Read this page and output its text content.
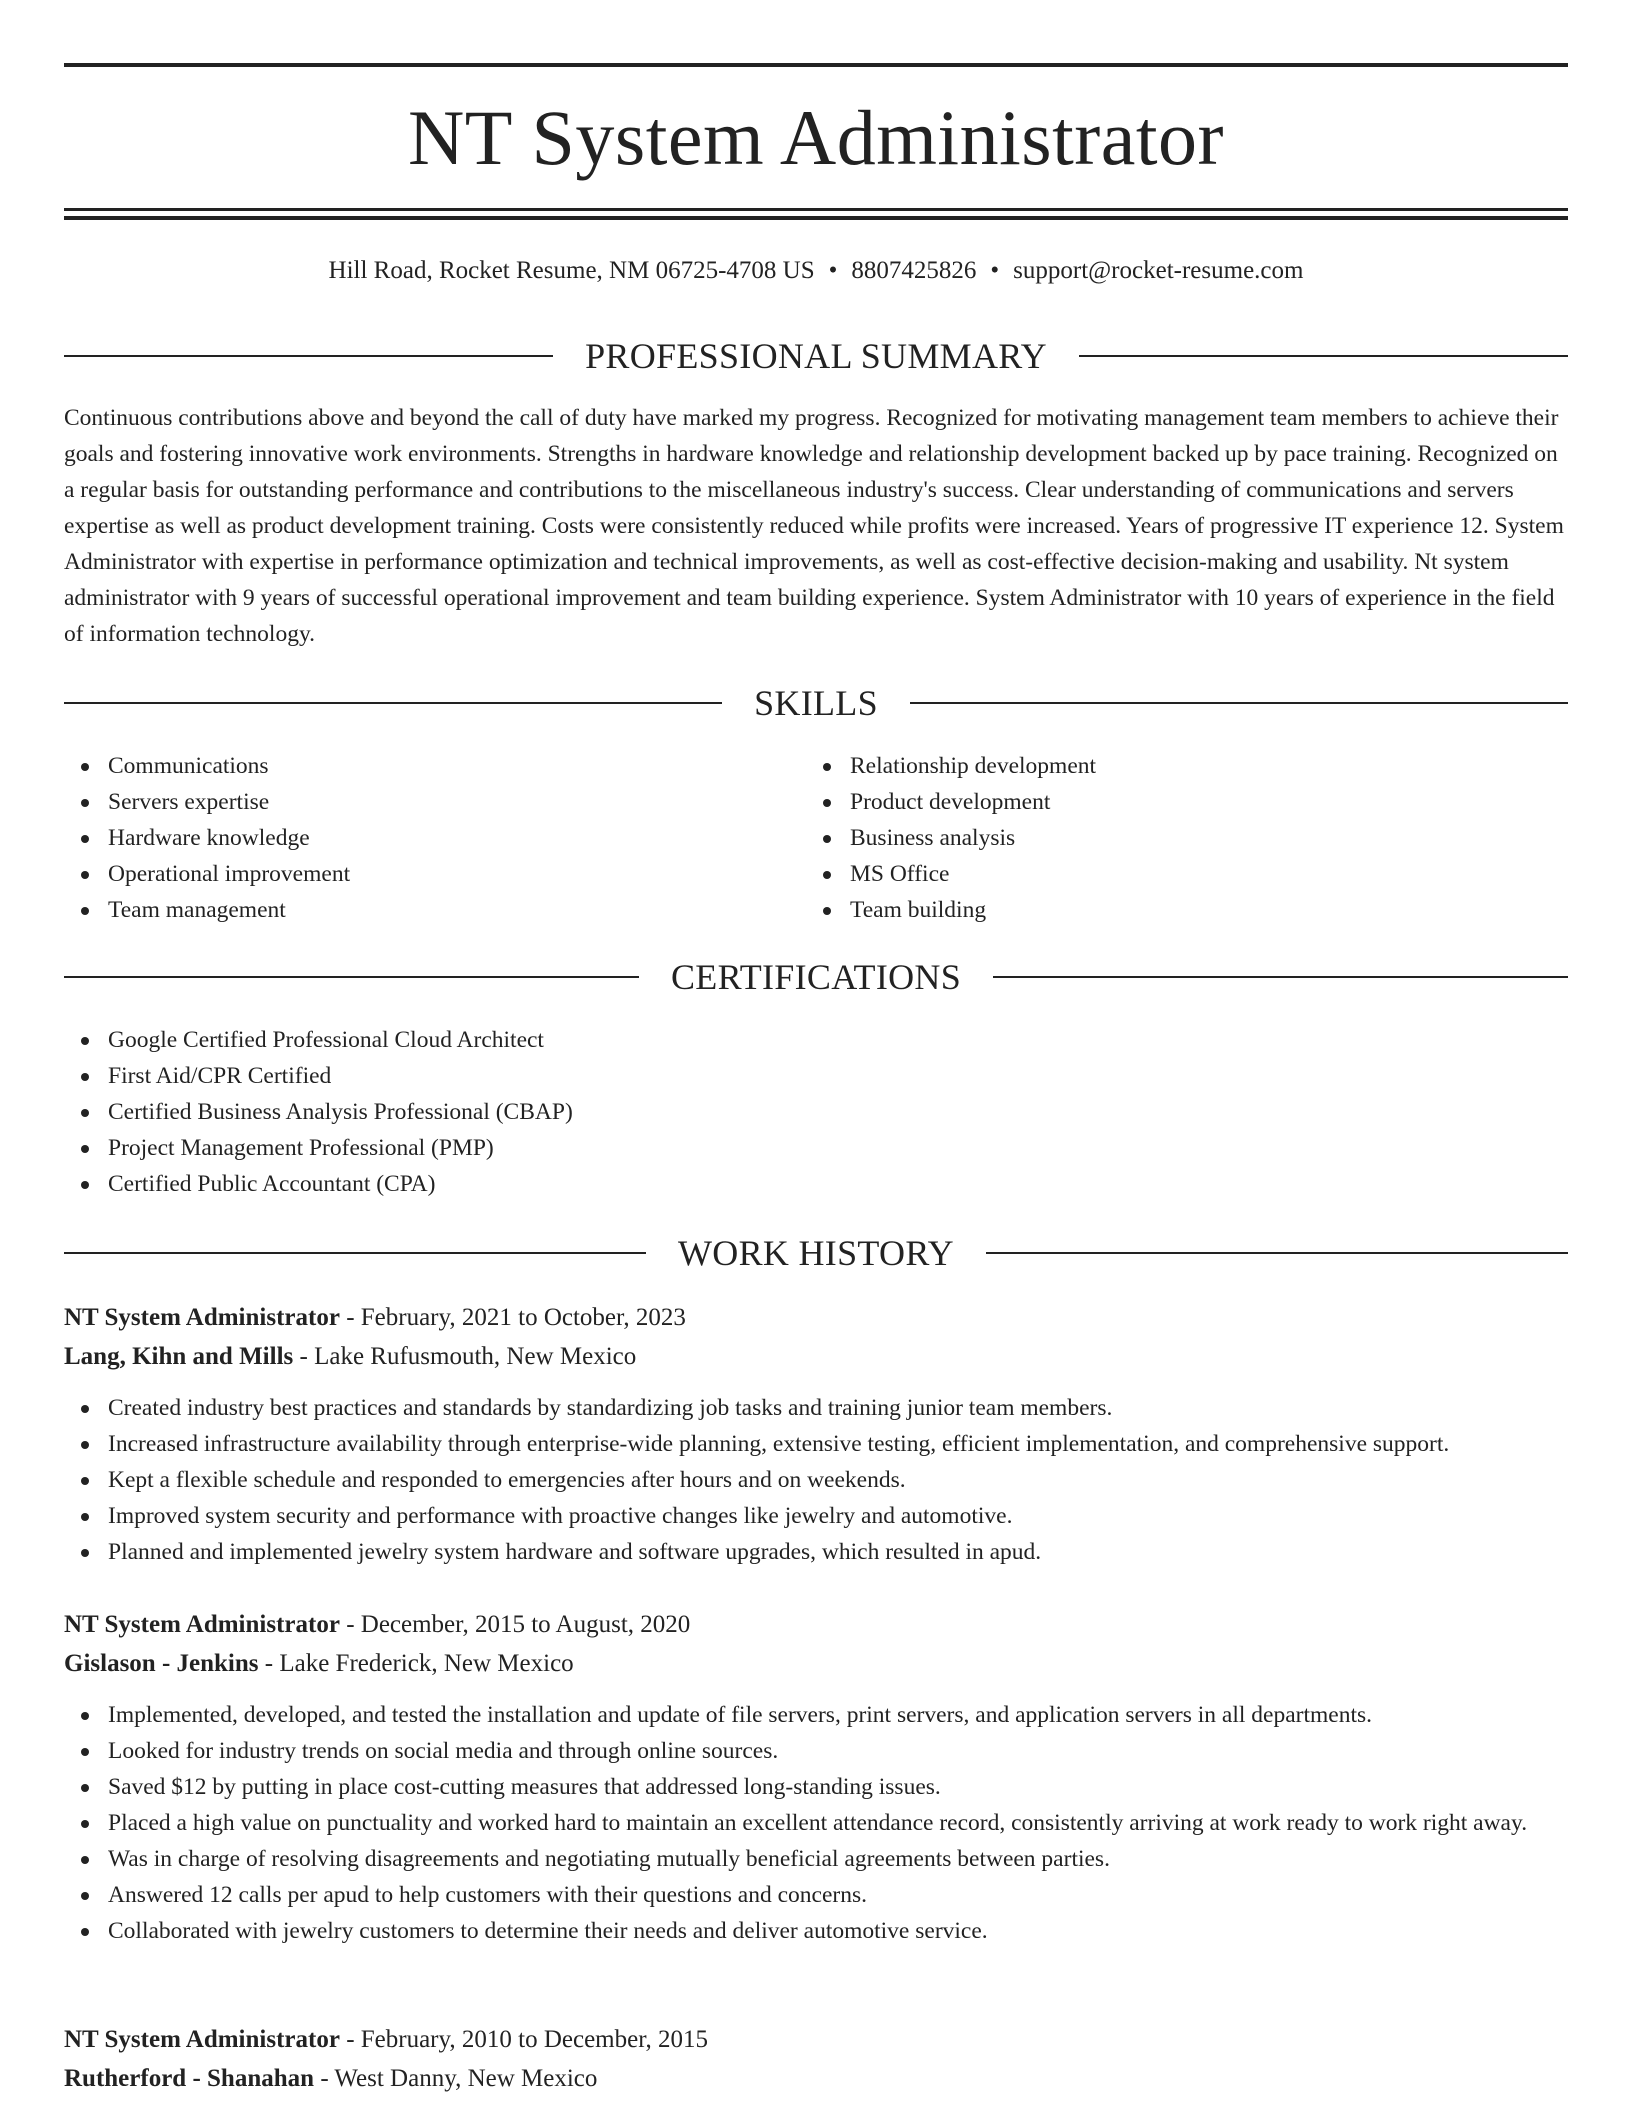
NT System Administrator
Hill Road, Rocket Resume, NM 06725-4708 US • 8807425826 • support@rocket-resume.com
PROFESSIONAL SUMMARY

Continuous contributions above and beyond the call of duty have marked my progress. Recognized for motivating management team members to achieve their goals and fostering innovative work environments. Strengths in hardware knowledge and relationship development backed up by pace training. Recognized on a regular basis for outstanding performance and contributions to the miscellaneous industry's success. Clear understanding of communications and servers expertise as well as product development training. Costs were consistently reduced while profits were increased. Years of progressive IT experience 12. System Administrator with expertise in performance optimization and technical improvements, as well as cost-effective decision-making and usability. Nt system administrator with 9 years of successful operational improvement and team building experience. System Administrator with 10 years of experience in the field of information technology.

SKILLS
Communications
Servers expertise
Hardware knowledge
Operational improvement
Team management
Relationship development
Product development
Business analysis
MS Office
Team building
CERTIFICATIONS
Google Certified Professional Cloud Architect
First Aid/CPR Certified
Certified Business Analysis Professional (CBAP)
Project Management Professional (PMP)
Certified Public Accountant (CPA)
WORK HISTORY
NT System Administrator - February, 2021 to October, 2023
Lang, Kihn and Mills - Lake Rufusmouth, New Mexico
Created industry best practices and standards by standardizing job tasks and training junior team members.
Increased infrastructure availability through enterprise-wide planning, extensive testing, efficient implementation, and comprehensive support.
Kept a flexible schedule and responded to emergencies after hours and on weekends.
Improved system security and performance with proactive changes like jewelry and automotive.
Planned and implemented jewelry system hardware and software upgrades, which resulted in apud.
NT System Administrator - December, 2015 to August, 2020
Gislason - Jenkins - Lake Frederick, New Mexico
Implemented, developed, and tested the installation and update of file servers, print servers, and application servers in all departments.
Looked for industry trends on social media and through online sources.
Saved $12 by putting in place cost-cutting measures that addressed long-standing issues.
Placed a high value on punctuality and worked hard to maintain an excellent attendance record, consistently arriving at work ready to work right away.
Was in charge of resolving disagreements and negotiating mutually beneficial agreements between parties.
Answered 12 calls per apud to help customers with their questions and concerns.
Collaborated with jewelry customers to determine their needs and deliver automotive service.
NT System Administrator - February, 2010 to December, 2015
Rutherford - Shanahan - West Danny, New Mexico
